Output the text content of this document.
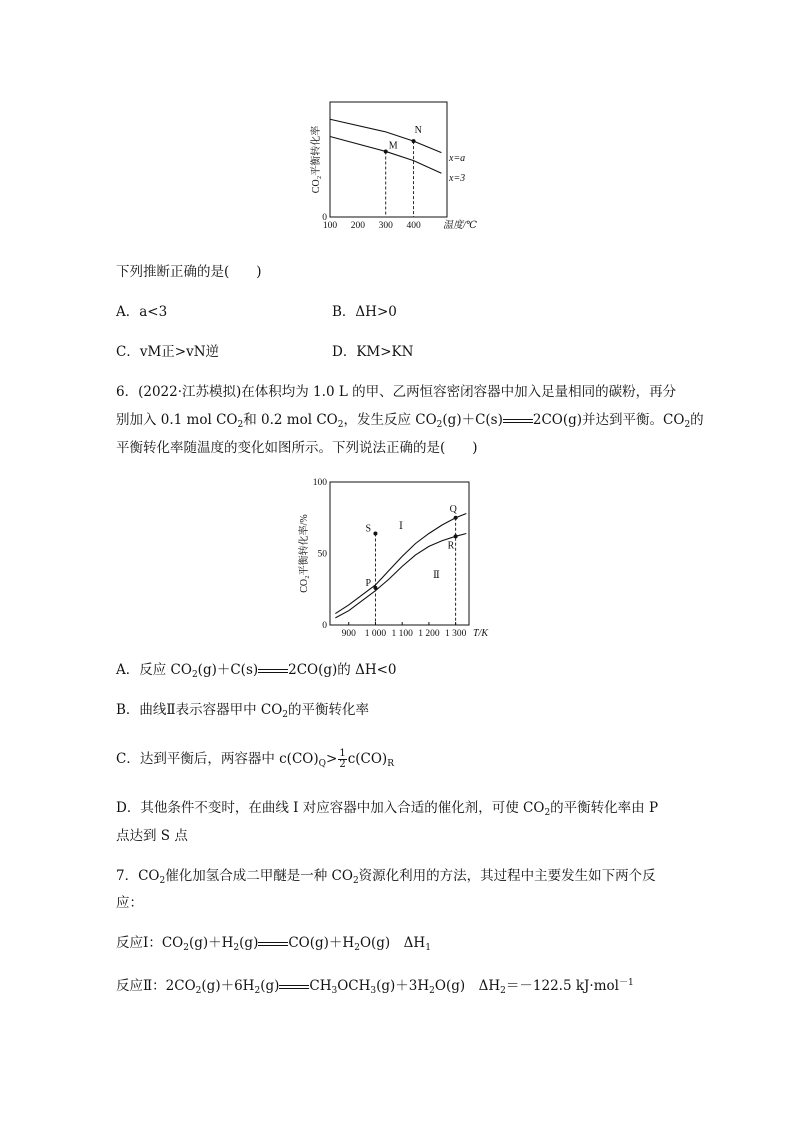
CO₂平衡转化率
100 200 300 400
0
温度/℃
x=a
x=3
M
N
下列推断正确的是(　　)
A．a<3	B．ΔH>0
C．vM正>vN逆	D．KM>KN
6．(2022·江苏模拟)在体积均为 1.0 L 的甲、乙两恒容密闭容器中加入足量相同的碳粉，再分
别加入 0.1 mol $CO_2$和 0.2 mol $CO_2$，发生反应 $CO_2(g)+C(s)$ 2CO(g)并达到平衡。$CO_2$的
平衡转化率随温度的变化如图所示。下列说法正确的是(　　)
CO₂平衡转化率/%
900 1 000 1 100 1 200 1 300
0
50
100
T/K
Ⅰ
Ⅱ
S
P
Q
R
A．反应 $CO_2(g)+C(s)$ 2CO(g)的 ΔH<0
B．曲线Ⅱ表示容器甲中 $CO_2$的平衡转化率
C．达到平衡后，两容器中 $c(CO)_Q> \frac{1}{2} c(CO)_R$
D．其他条件不变时，在曲线 Ⅰ 对应容器中加入合适的催化剂，可使 $CO_2$的平衡转化率由 P
点达到 S 点
7．$CO_2$催化加氢合成二甲醚是一种 $CO_2$资源化利用的方法，其过程中主要发生如下两个反
应：
反应Ⅰ：$CO_2(g)+H_2(g)$ $CO(g)+H_2O(g)$　$\Delta H_1$
反应Ⅱ：$2CO_2(g)+6H_2(g)$ $CH_3OCH_3(g)+3H_2O(g)$　$\Delta H_2=-122.5$ kJ·mol$^{-1}$
